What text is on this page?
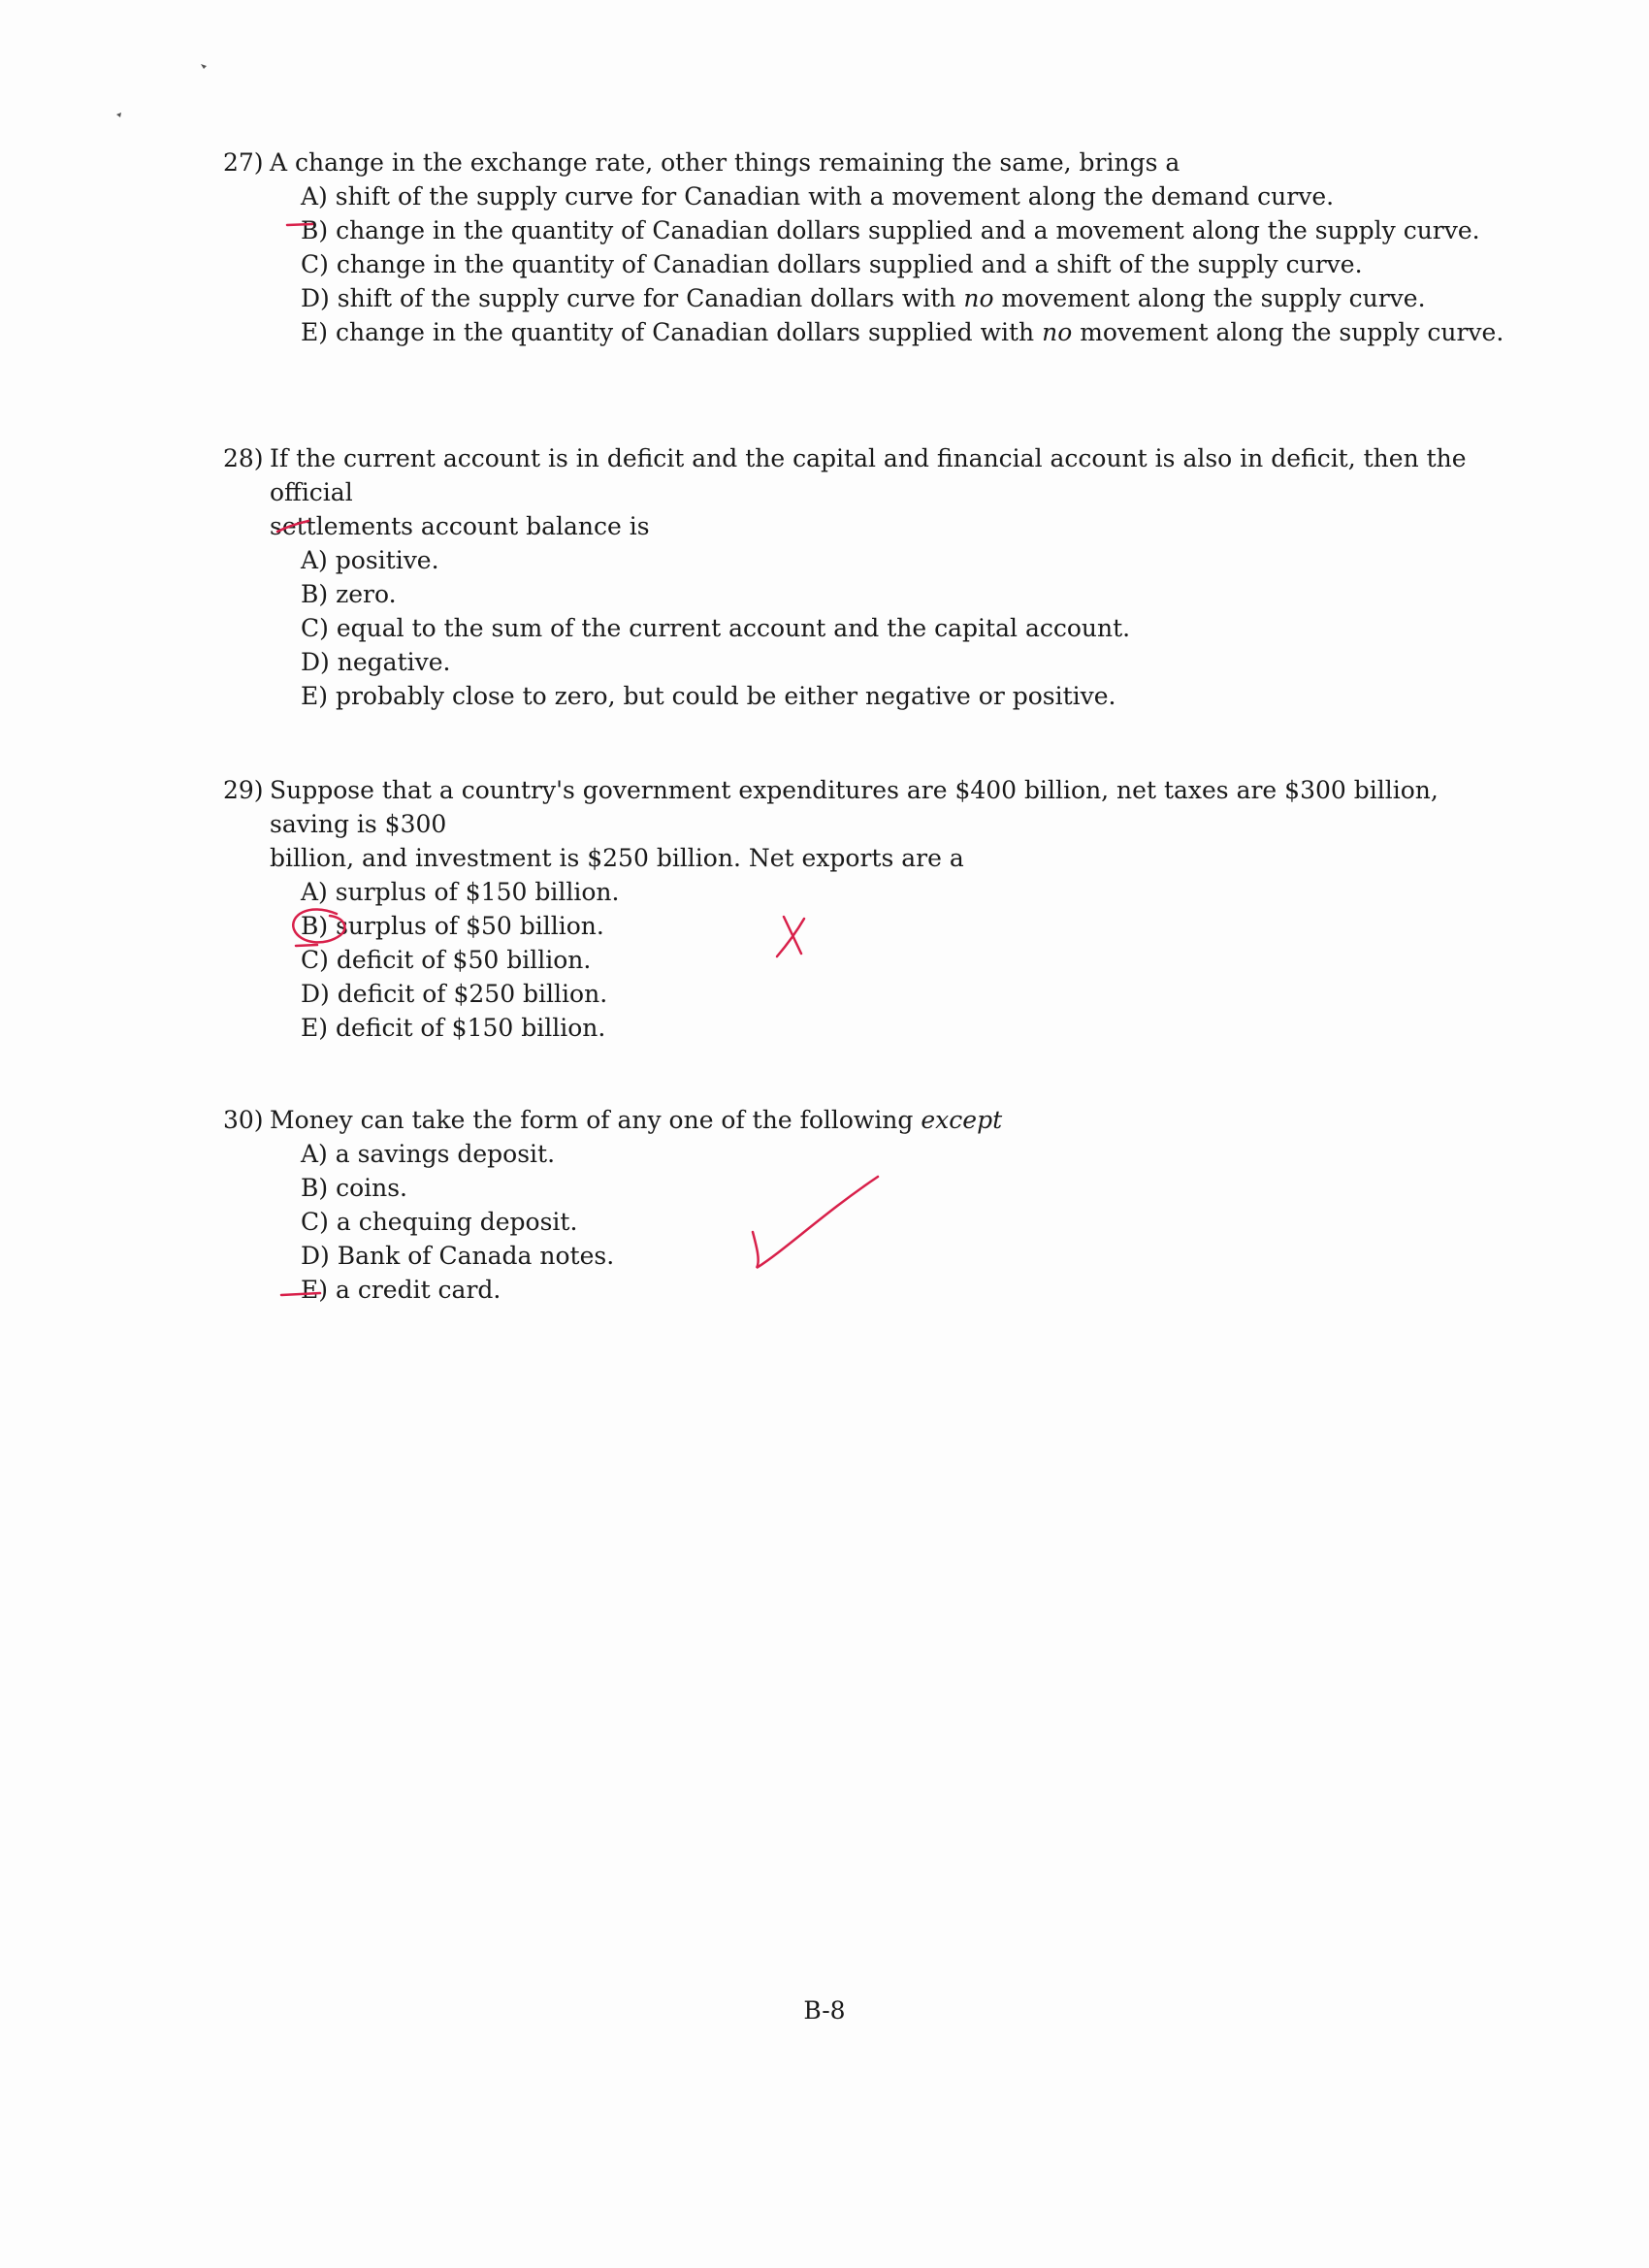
27) A change in the exchange rate, other things remaining the same, brings a
A) shift of the supply curve for Canadian with a movement along the demand curve.
B) change in the quantity of Canadian dollars supplied and a movement along the supply curve.
C) change in the quantity of Canadian dollars supplied and a shift of the supply curve.
D) shift of the supply curve for Canadian dollars with no movement along the supply curve.
E) change in the quantity of Canadian dollars supplied with no movement along the supply curve.
28) If the current account is in deficit and the capital and financial account is also in deficit, then the official
settlements account balance is
A) positive.
B) zero.
C) equal to the sum of the current account and the capital account.
D) negative.
E) probably close to zero, but could be either negative or positive.
29) Suppose that a country's government expenditures are $400 billion, net taxes are $300 billion, saving is $300
billion, and investment is $250 billion. Net exports are a
A) surplus of $150 billion.
B) surplus of $50 billion.
C) deficit of $50 billion.
D) deficit of $250 billion.
E) deficit of $150 billion.
30) Money can take the form of any one of the following except
A) a savings deposit.
B) coins.
C) a chequing deposit.
D) Bank of Canada notes.
E) a credit card.
B-8
